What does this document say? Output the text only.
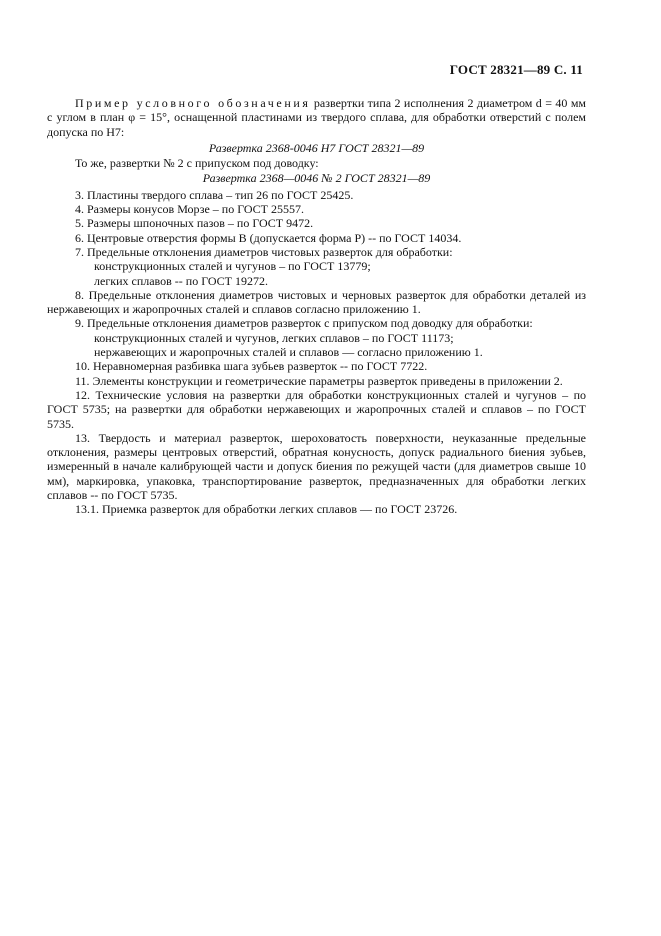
ГОСТ 28321—89 С. 11

Пример условного обозначения развертки типа 2 исполнения 2 диаметром d = 40 мм с углом в план φ = 15°, оснащенной пластинами из твердого сплава, для обработки отверстий с полем допуска по Н7:

Развертка 2368-0046 Н7 ГОСТ 28321—89

То же, развертки № 2 с припуском под доводку:

Развертка 2368—0046 № 2 ГОСТ 28321—89

3. Пластины твердого сплава – тип 26 по ГОСТ 25425.

4. Размеры конусов Морзе – по ГОСТ 25557.

5. Размеры шпоночных пазов – по ГОСТ 9472.

6. Центровые отверстия формы В (допускается форма Р) -- по ГОСТ 14034.

7. Предельные отклонения диаметров чистовых разверток для обработки:

конструкционных сталей и чугунов – по ГОСТ 13779;

легких сплавов -- по ГОСТ 19272.

8. Предельные отклонения диаметров чистовых и черновых разверток для обработки деталей из нержавеющих и жаропрочных сталей и сплавов согласно приложению 1.

9. Предельные отклонения диаметров разверток с припуском под доводку для обработки:

конструкционных сталей и чугунов, легких сплавов – по ГОСТ 11173;

нержавеющих и жаропрочных сталей и сплавов — согласно приложению 1.

10. Неравномерная разбивка шага зубьев разверток -- по ГОСТ 7722.

11. Элементы конструкции и геометрические параметры разверток приведены в приложении 2.

12. Технические условия на развертки для обработки конструкционных сталей и чугунов – по ГОСТ 5735; на развертки для обработки нержавеющих и жаропрочных сталей и сплавов – по ГОСТ 5735.

13. Твердость и материал разверток, шероховатость поверхности, неуказанные предельные отклонения, размеры центровых отверстий, обратная конусность, допуск радиального биения зубьев, измеренный в начале калибрующей части и допуск биения по режущей части (для диаметров свыше 10 мм), маркировка, упаковка, транспортирование разверток, предназначенных для обработки легких сплавов -- по ГОСТ 5735.

13.1. Приемка разверток для обработки легких сплавов — по ГОСТ 23726.
